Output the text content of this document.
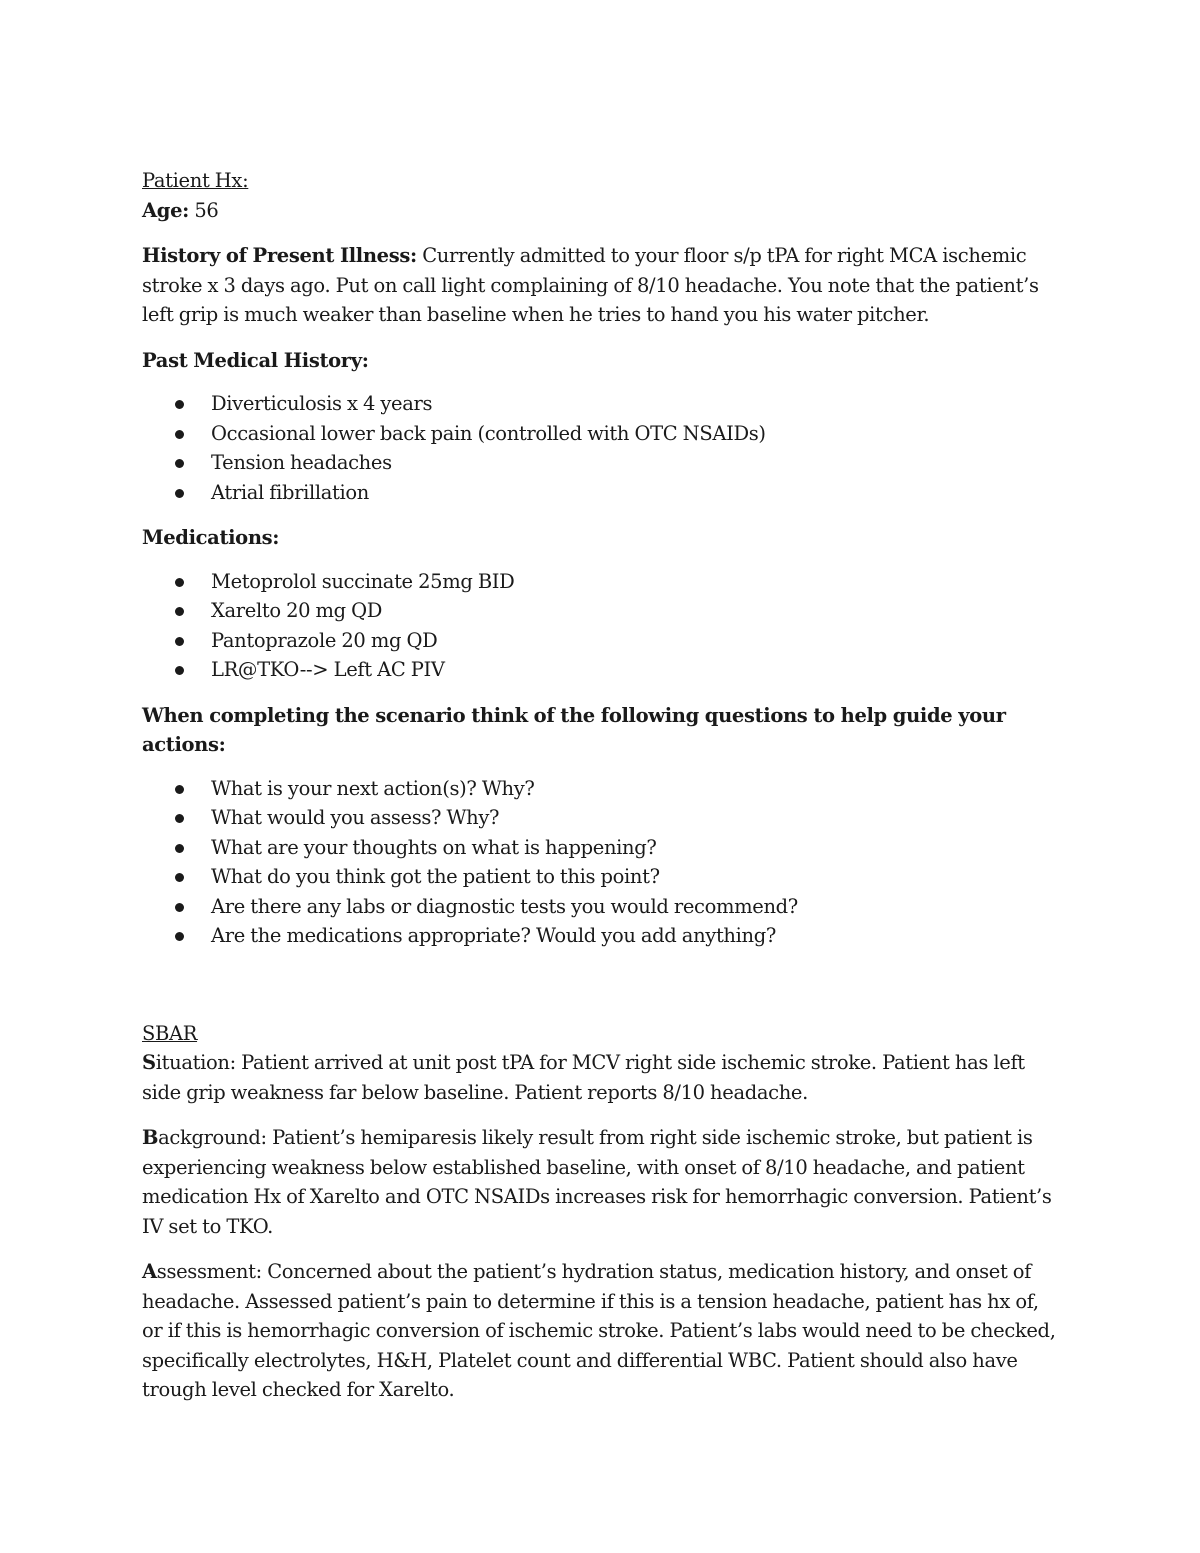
Patient Hx:

Age: 56

History of Present Illness: Currently admitted to your floor s/p tPA for right MCA ischemic stroke x 3 days ago. Put on call light complaining of 8/10 headache. You note that the patient’s left grip is much weaker than baseline when he tries to hand you his water pitcher.

Past Medical History:

Diverticulosis x 4 years
Occasional lower back pain (controlled with OTC NSAIDs)
Tension headaches
Atrial fibrillation

Medications:

Metoprolol succinate 25mg BID
Xarelto 20 mg QD
Pantoprazole 20 mg QD
LR@TKO--> Left AC PIV

When completing the scenario think of the following questions to help guide your actions:

What is your next action(s)? Why?
What would you assess? Why?
What are your thoughts on what is happening?
What do you think got the patient to this point?
Are there any labs or diagnostic tests you would recommend?
Are the medications appropriate? Would you add anything?

SBAR

Situation: Patient arrived at unit post tPA for MCV right side ischemic stroke. Patient has left side grip weakness far below baseline. Patient reports 8/10 headache.

Background: Patient’s hemiparesis likely result from right side ischemic stroke, but patient is experiencing weakness below established baseline, with onset of 8/10 headache, and patient medication Hx of Xarelto and OTC NSAIDs increases risk for hemorrhagic conversion. Patient’s IV set to TKO.

Assessment: Concerned about the patient’s hydration status, medication history, and onset of headache. Assessed patient’s pain to determine if this is a tension headache, patient has hx of, or if this is hemorrhagic conversion of ischemic stroke. Patient’s labs would need to be checked, specifically electrolytes, H&H, Platelet count and differential WBC. Patient should also have trough level checked for Xarelto.
